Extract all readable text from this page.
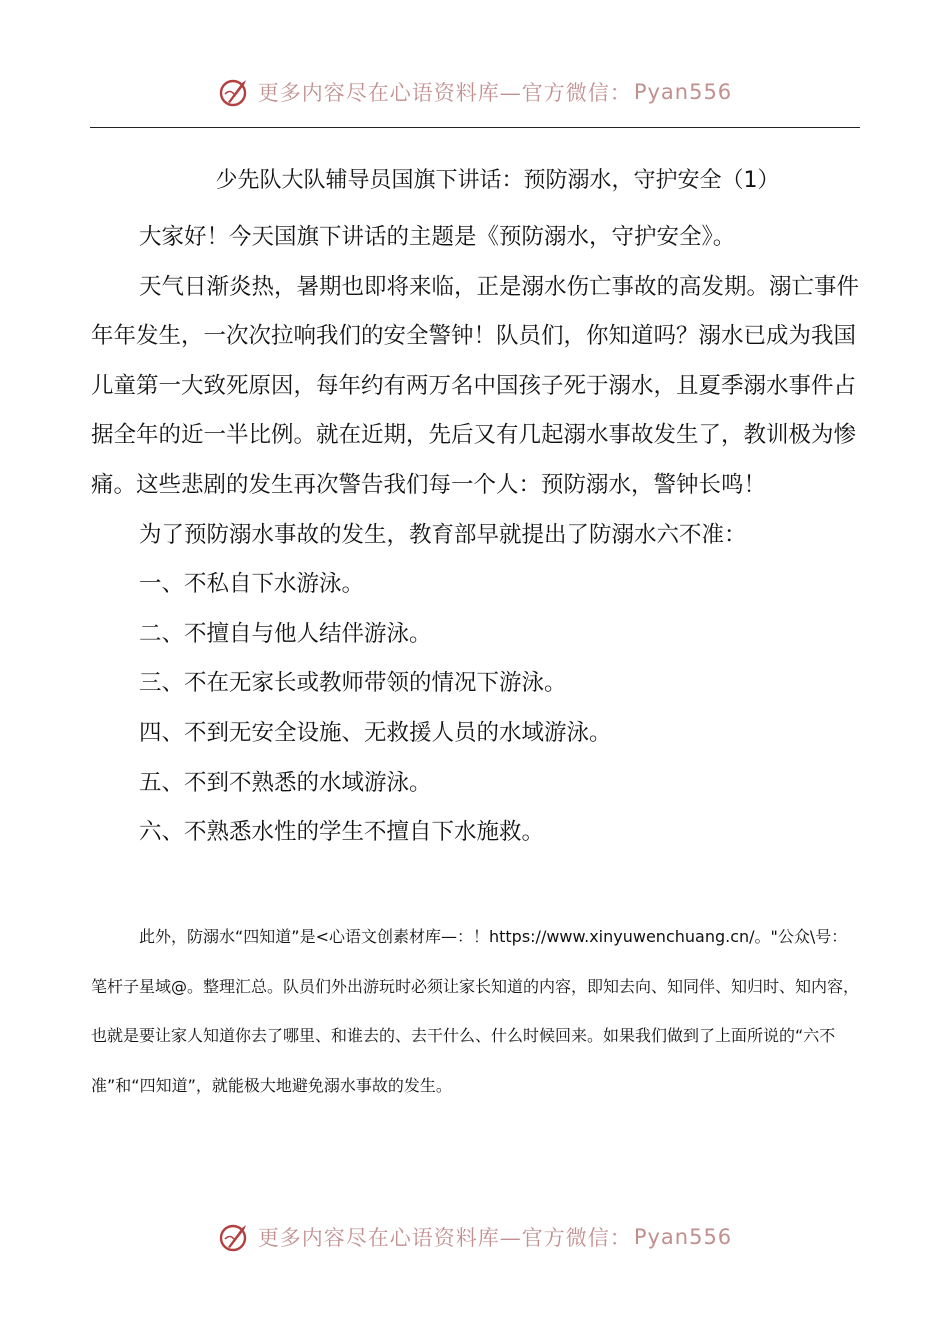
更多内容尽在心语资料库—官方微信： Pyan556
少先队大队辅导员国旗下讲话：预防溺水，守护安全（1）

大家好！今天国旗下讲话的主题是《预防溺水，守护安全》。

天气日渐炎热，暑期也即将来临，正是溺水伤亡事故的高发期。溺亡事件年年发生，一次次拉响我们的安全警钟！队员们，你知道吗？溺水已成为我国儿童第一大致死原因，每年约有两万名中国孩子死于溺水，且夏季溺水事件占据全年的近一半比例。就在近期，先后又有几起溺水事故发生了，教训极为惨痛。这些悲剧的发生再次警告我们每一个人：预防溺水，警钟长鸣！

为了预防溺水事故的发生，教育部早就提出了防溺水六不准：

一、不私自下水游泳。

二、不擅自与他人结伴游泳。

三、不在无家长或教师带领的情况下游泳。

四、不到无安全设施、无救援人员的水域游泳。

五、不到不熟悉的水域游泳。

六、不熟悉水性的学生不擅自下水施救。

此外，防溺水“四知道”是<心语文创素材库—：！https://www.xinyuwenchuang.cn/。"公众\号：笔杆子星域@。整理汇总。队员们外出游玩时必须让家长知道的内容，即知去向、知同伴、知归时、知内容，也就是要让家人知道你去了哪里、和谁去的、去干什么、什么时候回来。如果我们做到了上面所说的“六不准”和“四知道”，就能极大地避免溺水事故的发生。

更多内容尽在心语资料库—官方微信： Pyan556
